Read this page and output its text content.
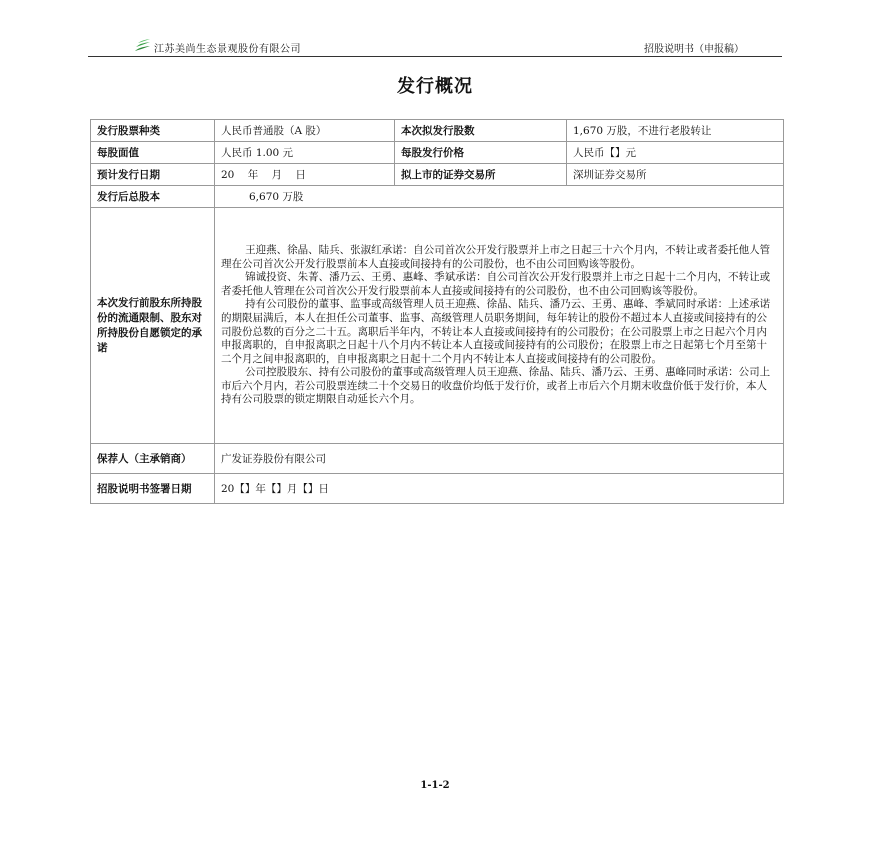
江苏美尚生态景观股份有限公司	招股说明书（申报稿）
发行概况
发行股票种类	人民币普通股（A 股）	本次拟发行股数	1,670 万股，不进行老股转让
每股面值	人民币 1.00 元	每股发行价格	人民币【】元
预计发行日期	20 年 月 日	拟上市的证券交易所	深圳证券交易所
发行后总股本	6,670 万股		
本次发行前股东所持股份的流通限制、股东对所持股份自愿锁定的承诺	王迎燕、徐晶、陆兵、张淑红承诺：自公司首次公开发行股票并上市之日起三十六个月内，不转让或者委托他人管理在公司首次公开发行股票前本人直接或间接持有的公司股份，也不由公司回购该等股份。
锦诚投资、朱菁、潘乃云、王勇、惠峰、季斌承诺：自公司首次公开发行股票并上市之日起十二个月内，不转让或者委托他人管理在公司首次公开发行股票前本人直接或间接持有的公司股份，也不由公司回购该等股份。
持有公司股份的董事、监事或高级管理人员王迎燕、徐晶、陆兵、潘乃云、王勇、惠峰、季斌同时承诺：上述承诺的期限届满后，本人在担任公司董事、监事、高级管理人员职务期间，每年转让的股份不超过本人直接或间接持有的公司股份总数的百分之二十五。离职后半年内，不转让本人直接或间接持有的公司股份；在公司股票上市之日起六个月内申报离职的，自申报离职之日起十八个月内不转让本人直接或间接持有的公司股份；在股票上市之日起第七个月至第十二个月之间申报离职的，自申报离职之日起十二个月内不转让本人直接或间接持有的公司股份。
公司控股股东、持有公司股份的董事或高级管理人员王迎燕、徐晶、陆兵、潘乃云、王勇、惠峰同时承诺：公司上市后六个月内，若公司股票连续二十个交易日的收盘价均低于发行价，或者上市后六个月期末收盘价低于发行价，本人持有公司股票的锁定期限自动延长六个月。		

保荐人（主承销商）	广发证券股份有限公司		
招股说明书签署日期	20【】年【】月【】日		
1-1-2
